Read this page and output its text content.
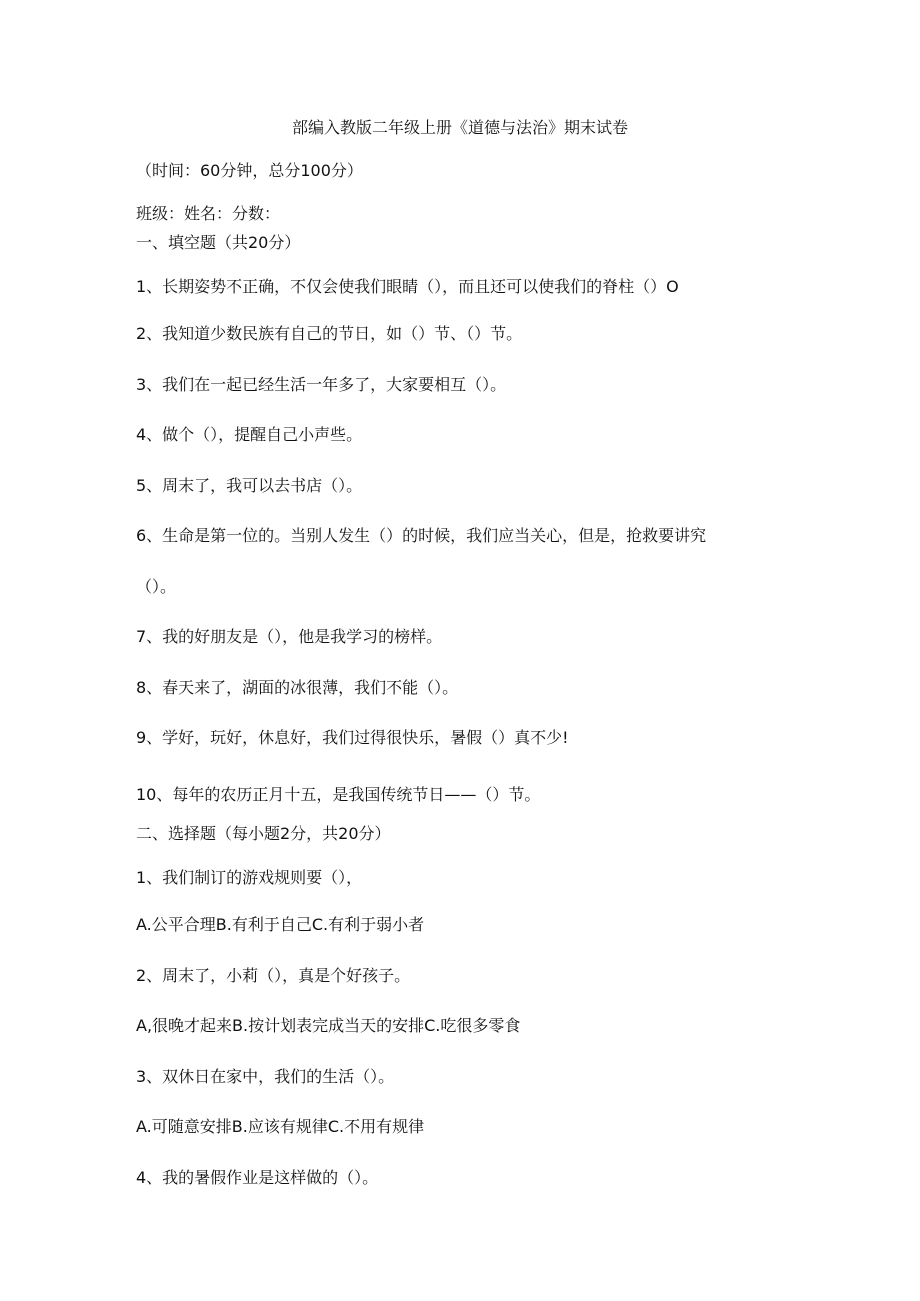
部编入教版二年级上册《道德与法治》期末试卷
（时间：60分钟，总分100分）
班级：姓名：分数：
一、填空题（共20分）
1、长期姿势不正确，不仅会使我们眼睛（），而且还可以使我们的脊柱（）O
2、我知道少数民族有自己的节日，如（）节、（）节。
3、我们在一起已经生活一年多了，大家要相互（）。
4、做个（），提醒自己小声些。
5、周末了，我可以去书店（）。
6、生命是第一位的。当别人发生（）的时候，我们应当关心，但是，抢救要讲究
（）。
7、我的好朋友是（），他是我学习的榜样。
8、春天来了，湖面的冰很薄，我们不能（）。
9、学好，玩好，休息好，我们过得很快乐，暑假（）真不少!
10、每年的农历正月十五，是我国传统节日——（）节。
二、选择题（每小题2分，共20分）
1、我们制订的游戏规则要（），
A.公平合理B.有利于自己C.有利于弱小者
2、周末了，小莉（），真是个好孩子。
A,很晚才起来B.按计划表完成当天的安排C.吃很多零食
3、双休日在家中，我们的生活（）。
A.可随意安排B.应该有规律C.不用有规律
4、我的暑假作业是这样做的（）。
